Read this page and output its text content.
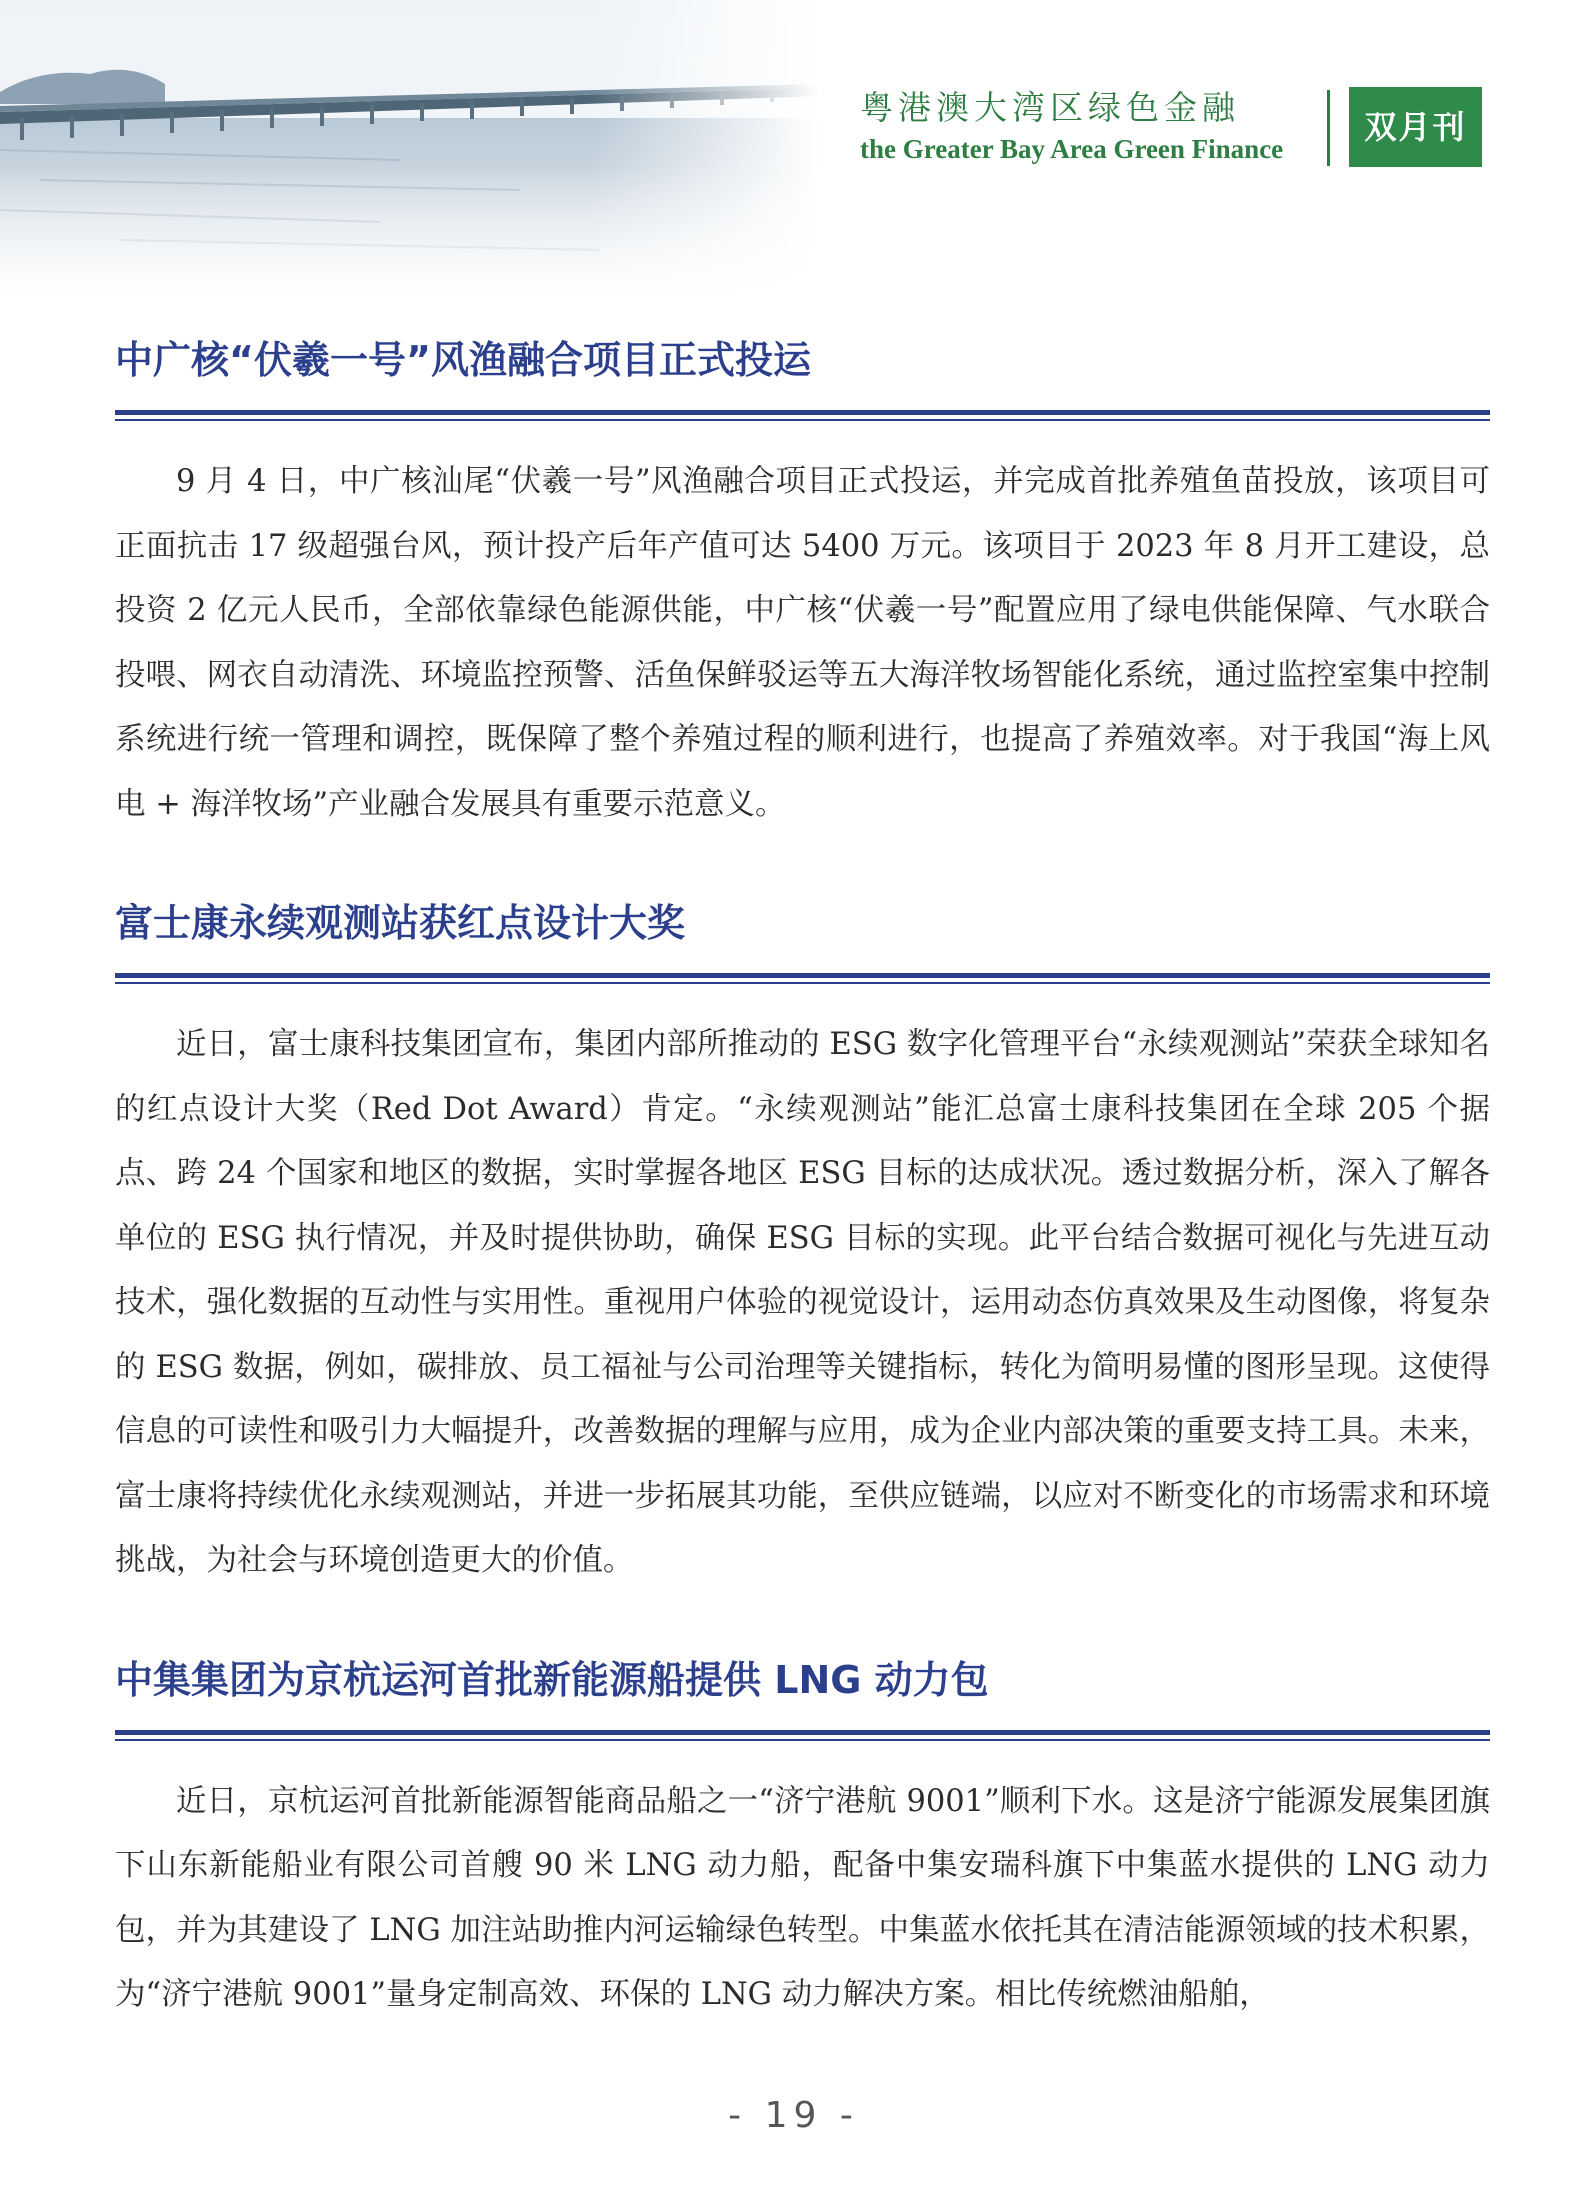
粤港澳大湾区绿色金融
the Greater Bay Area Green Finance
双月刊
中广核“伏羲一号”风渔融合项目正式投运

9 月 4 日，中广核汕尾“伏羲一号”风渔融合项目正式投运，并完成首批养殖鱼苗投放，该项目可正面抗击 17 级超强台风，预计投产后年产值可达 5400 万元。该项目于 2023 年 8 月开工建设，总投资 2 亿元人民币，全部依靠绿色能源供能，中广核“伏羲一号”配置应用了绿电供能保障、气水联合投喂、网衣自动清洗、环境监控预警、活鱼保鲜驳运等五大海洋牧场智能化系统，通过监控室集中控制系统进行统一管理和调控，既保障了整个养殖过程的顺利进行，也提高了养殖效率。对于我国“海上风电 + 海洋牧场”产业融合发展具有重要示范意义。

富士康永续观测站获红点设计大奖

近日，富士康科技集团宣布，集团内部所推动的 ESG 数字化管理平台“永续观测站”荣获全球知名的红点设计大奖（Red Dot Award）肯定。“永续观测站”能汇总富士康科技集团在全球 205 个据点、跨 24 个国家和地区的数据，实时掌握各地区 ESG 目标的达成状况。透过数据分析，深入了解各单位的 ESG 执行情况，并及时提供协助，确保 ESG 目标的实现。此平台结合数据可视化与先进互动技术，强化数据的互动性与实用性。重视用户体验的视觉设计，运用动态仿真效果及生动图像，将复杂的 ESG 数据，例如，碳排放、员工福祉与公司治理等关键指标，转化为简明易懂的图形呈现。这使得信息的可读性和吸引力大幅提升，改善数据的理解与应用，成为企业内部决策的重要支持工具。未来，富士康将持续优化永续观测站，并进一步拓展其功能，至供应链端，以应对不断变化的市场需求和环境挑战，为社会与环境创造更大的价值。

中集集团为京杭运河首批新能源船提供 LNG 动力包

近日，京杭运河首批新能源智能商品船之一“济宁港航 9001”顺利下水。这是济宁能源发展集团旗下山东新能船业有限公司首艘 90 米 LNG 动力船，配备中集安瑞科旗下中集蓝水提供的 LNG 动力包，并为其建设了 LNG 加注站助推内河运输绿色转型。中集蓝水依托其在清洁能源领域的技术积累，为“济宁港航 9001”量身定制高效、环保的 LNG 动力解决方案。相比传统燃油船舶，

- 19 -
